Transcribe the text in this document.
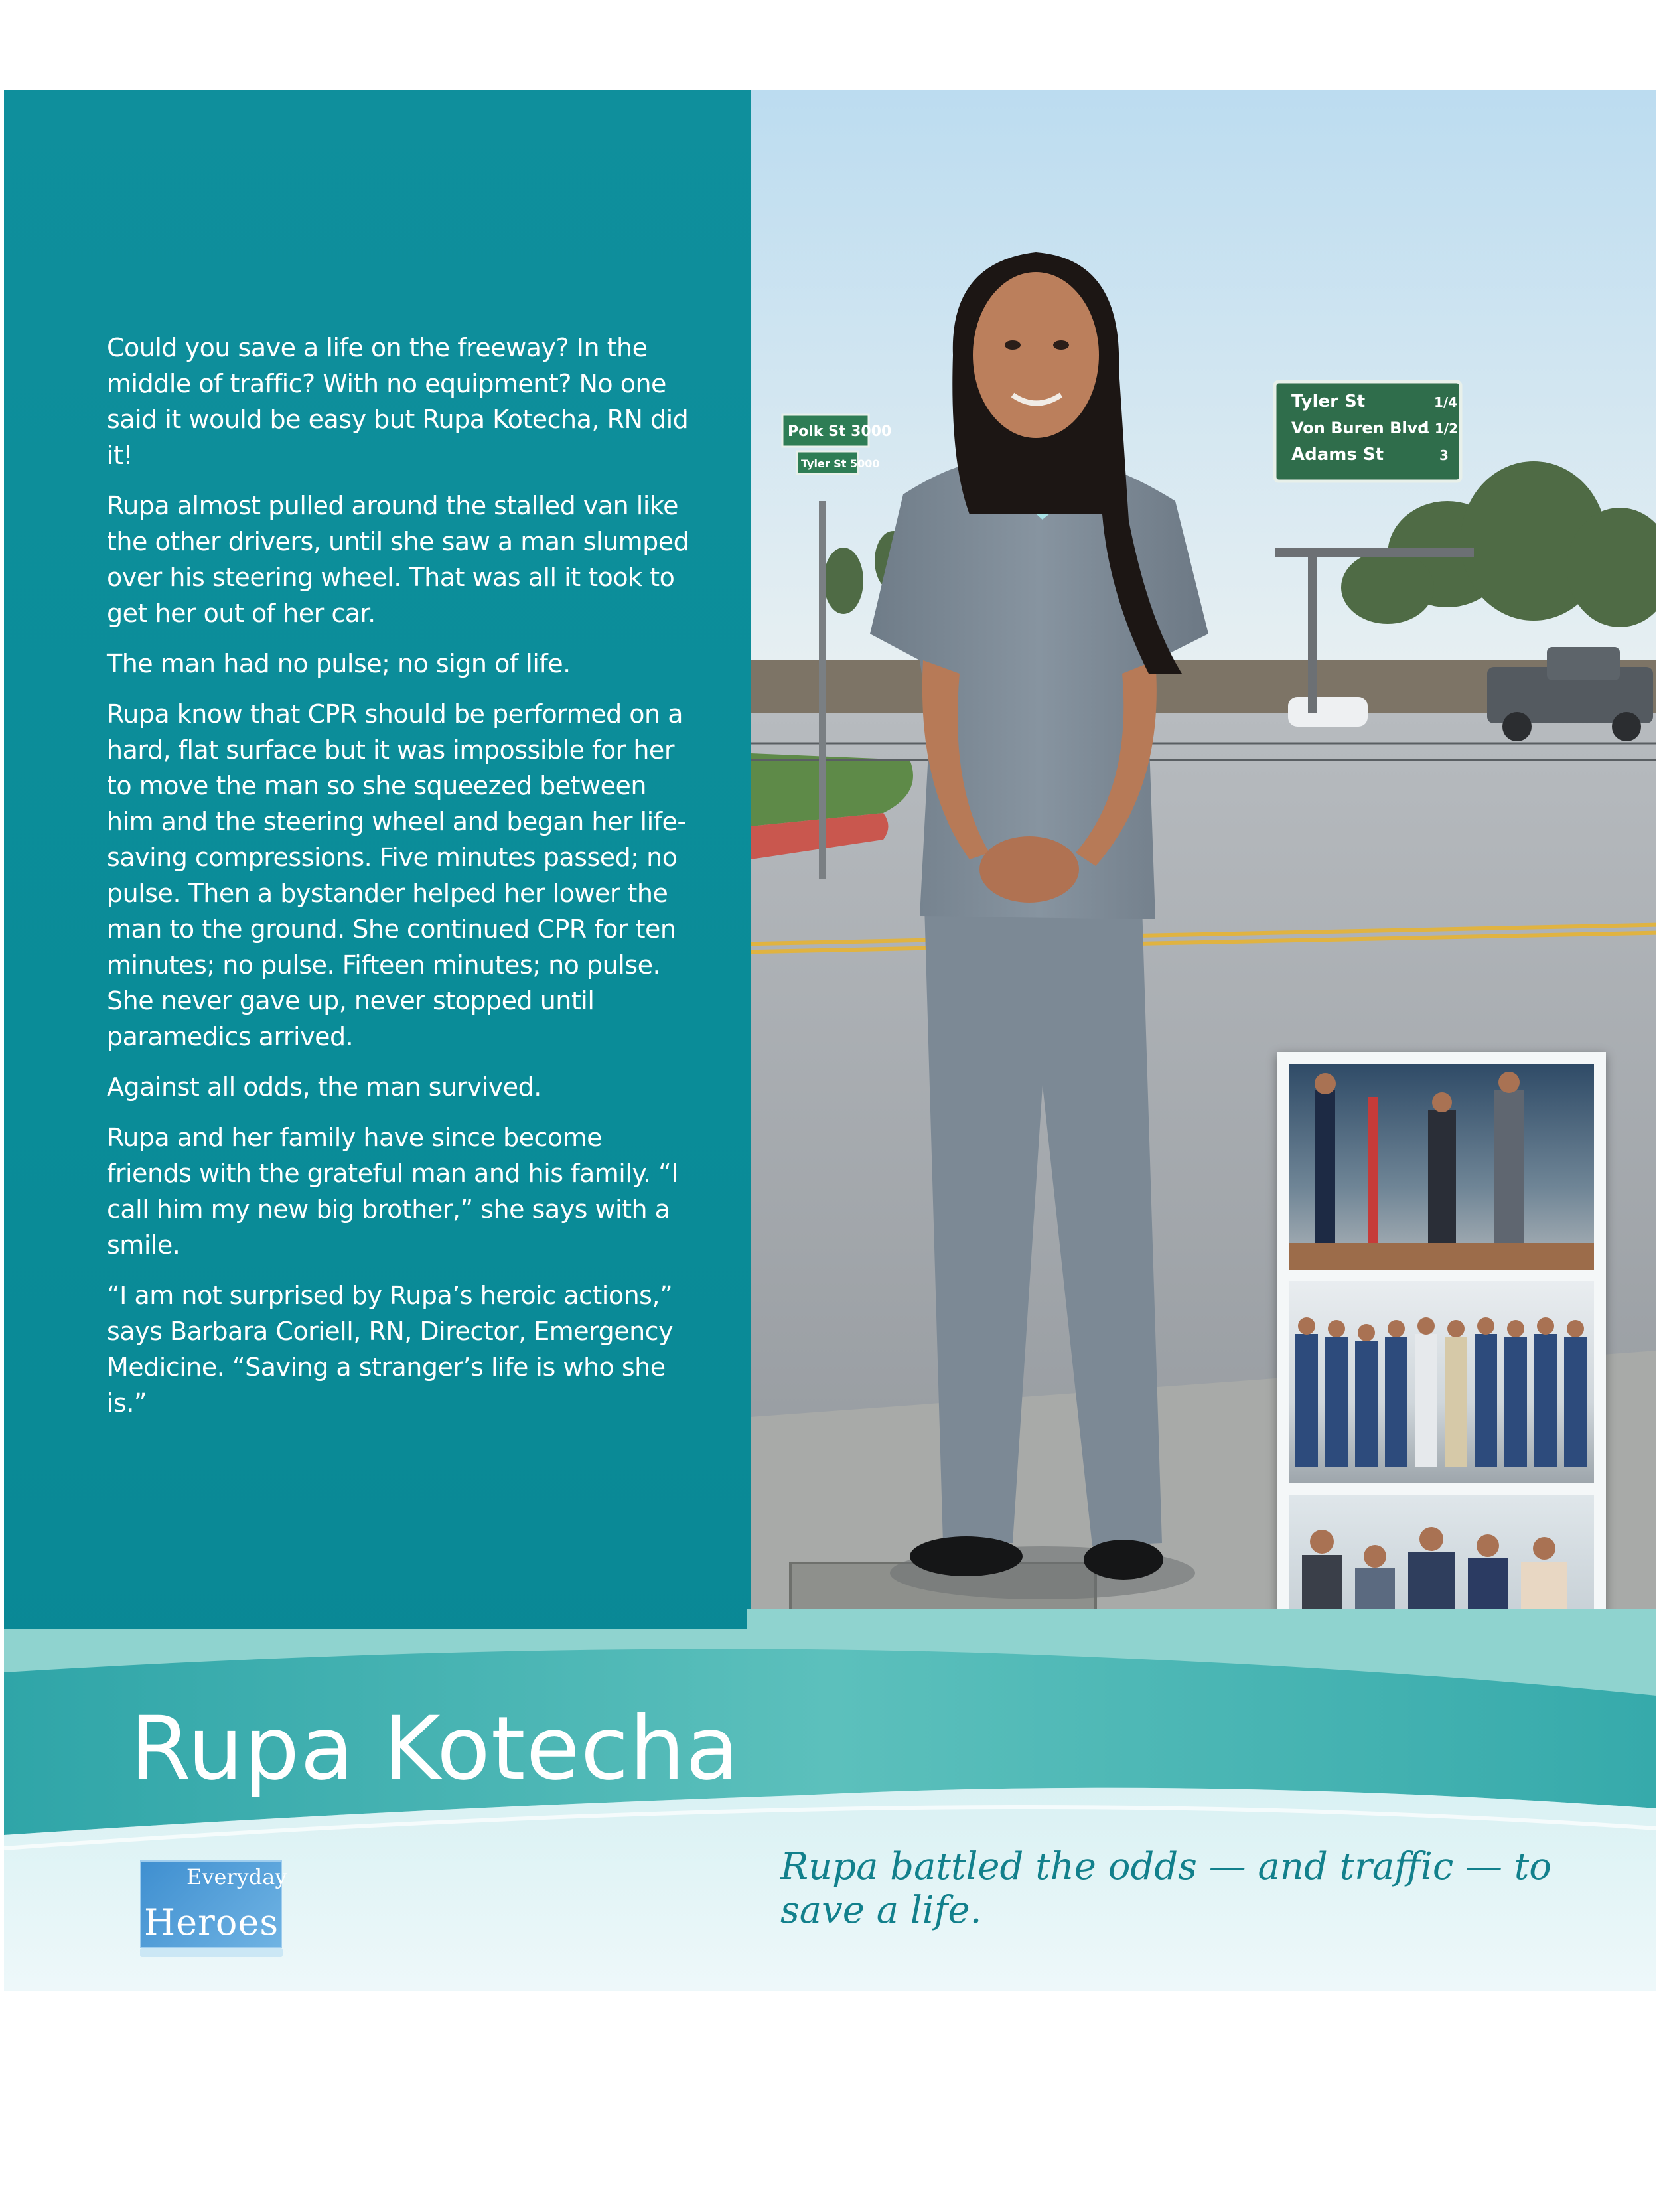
Could you save a life on the freeway? In the middle of traffic? With no equipment? No one said it would be easy but Rupa Kotecha, RN did it!

Rupa almost pulled around the stalled van like the other drivers, until she saw a man slumped over his steering wheel. That was all it took to get her out of her car.

The man had no pulse; no sign of life.

Rupa know that CPR should be performed on a hard, flat surface but it was impossible for her to move the man so she squeezed between him and the steering wheel and began her life-saving compressions. Five minutes passed; no pulse. Then a bystander helped her lower the man to the ground. She continued CPR for ten minutes; no pulse. Fifteen minutes; no pulse. She never gave up, never stopped until paramedics arrived.

Against all odds, the man survived.

Rupa and her family have since become friends with the grateful man and his family. “I call him my new big brother,” she says with a smile.

“I am not surprised by Rupa’s heroic actions,” says Barbara Coriell, RN, Director, Emergency Medicine. “Saving a stranger’s life is who she is.”

Tyler St
Von Buren Blvd
Adams St
1/4
1 1/2
3
Polk St 3000
Tyler St 5000
Rupa Kotecha
Rupa battled the odds — and traffic — to save a life.
Everyday
Heroes
